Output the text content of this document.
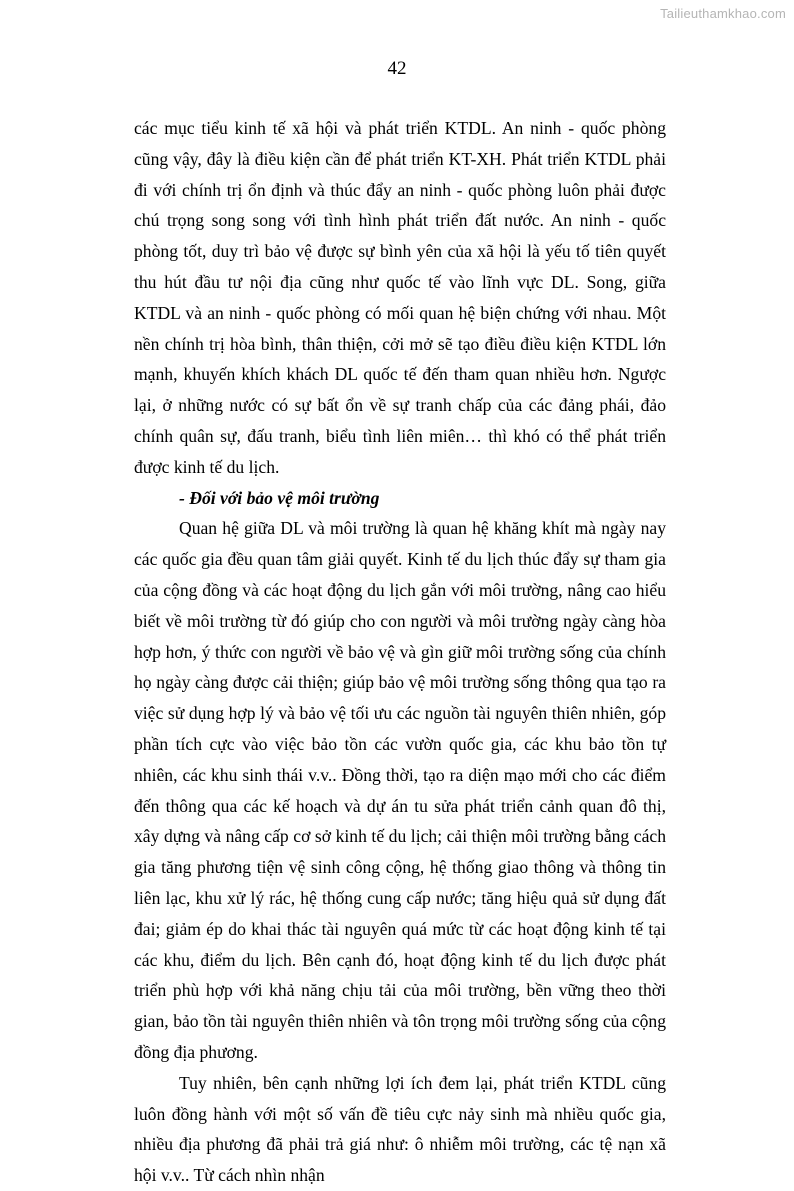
Tailieuthamkhao.com
42

các mục tiểu kinh tế xã hội và phát triển KTDL. An ninh - quốc phòng cũng vậy, đây là điều kiện cần để phát triển KT-XH. Phát triển KTDL phải đi với chính trị ổn định và thúc đẩy an ninh - quốc phòng luôn phải được chú trọng song song với tình hình phát triển đất nước. An ninh - quốc phòng tốt, duy trì bảo vệ được sự bình yên của xã hội là yếu tố tiên quyết thu hút đầu tư nội địa cũng như quốc tế vào lĩnh vực DL. Song, giữa KTDL và an ninh - quốc phòng có mối quan hệ biện chứng với nhau. Một nền chính trị hòa bình, thân thiện, cởi mở sẽ tạo điều điều kiện KTDL lớn mạnh, khuyến khích khách DL quốc tế đến tham quan nhiều hơn. Ngược lại, ở những nước có sự bất ổn về sự tranh chấp của các đảng phái, đảo chính quân sự, đấu tranh, biểu tình liên miên… thì khó có thể phát triển được kinh tế du lịch.

- Đối với bảo vệ môi trường

Quan hệ giữa DL và môi trường là quan hệ khăng khít mà ngày nay các quốc gia đều quan tâm giải quyết. Kinh tế du lịch thúc đẩy sự tham gia của cộng đồng và các hoạt động du lịch gắn với môi trường, nâng cao hiểu biết về môi trường từ đó giúp cho con người và môi trường ngày càng hòa hợp hơn, ý thức con người về bảo vệ và gìn giữ môi trường sống của chính họ ngày càng được cải thiện; giúp bảo vệ môi trường sống thông qua tạo ra việc sử dụng hợp lý và bảo vệ tối ưu các nguồn tài nguyên thiên nhiên, góp phần tích cực vào việc bảo tồn các vườn quốc gia, các khu bảo tồn tự nhiên, các khu sinh thái v.v.. Đồng thời, tạo ra diện mạo mới cho các điểm đến thông qua các kế hoạch và dự án tu sửa phát triển cảnh quan đô thị, xây dựng và nâng cấp cơ sở kinh tế du lịch; cải thiện môi trường bằng cách gia tăng phương tiện vệ sinh công cộng, hệ thống giao thông và thông tin liên lạc, khu xử lý rác, hệ thống cung cấp nước; tăng hiệu quả sử dụng đất đai; giảm ép do khai thác tài nguyên quá mức từ các hoạt động kinh tế tại các khu, điểm du lịch. Bên cạnh đó, hoạt động kinh tế du lịch được phát triển phù hợp với khả năng chịu tải của môi trường, bền vững theo thời gian, bảo tồn tài nguyên thiên nhiên và tôn trọng môi trường sống của cộng đồng địa phương.

Tuy nhiên, bên cạnh những lợi ích đem lại, phát triển KTDL cũng luôn đồng hành với một số vấn đề tiêu cực nảy sinh mà nhiều quốc gia, nhiều địa phương đã phải trả giá như: ô nhiễm môi trường, các tệ nạn xã hội v.v.. Từ cách nhìn nhận
